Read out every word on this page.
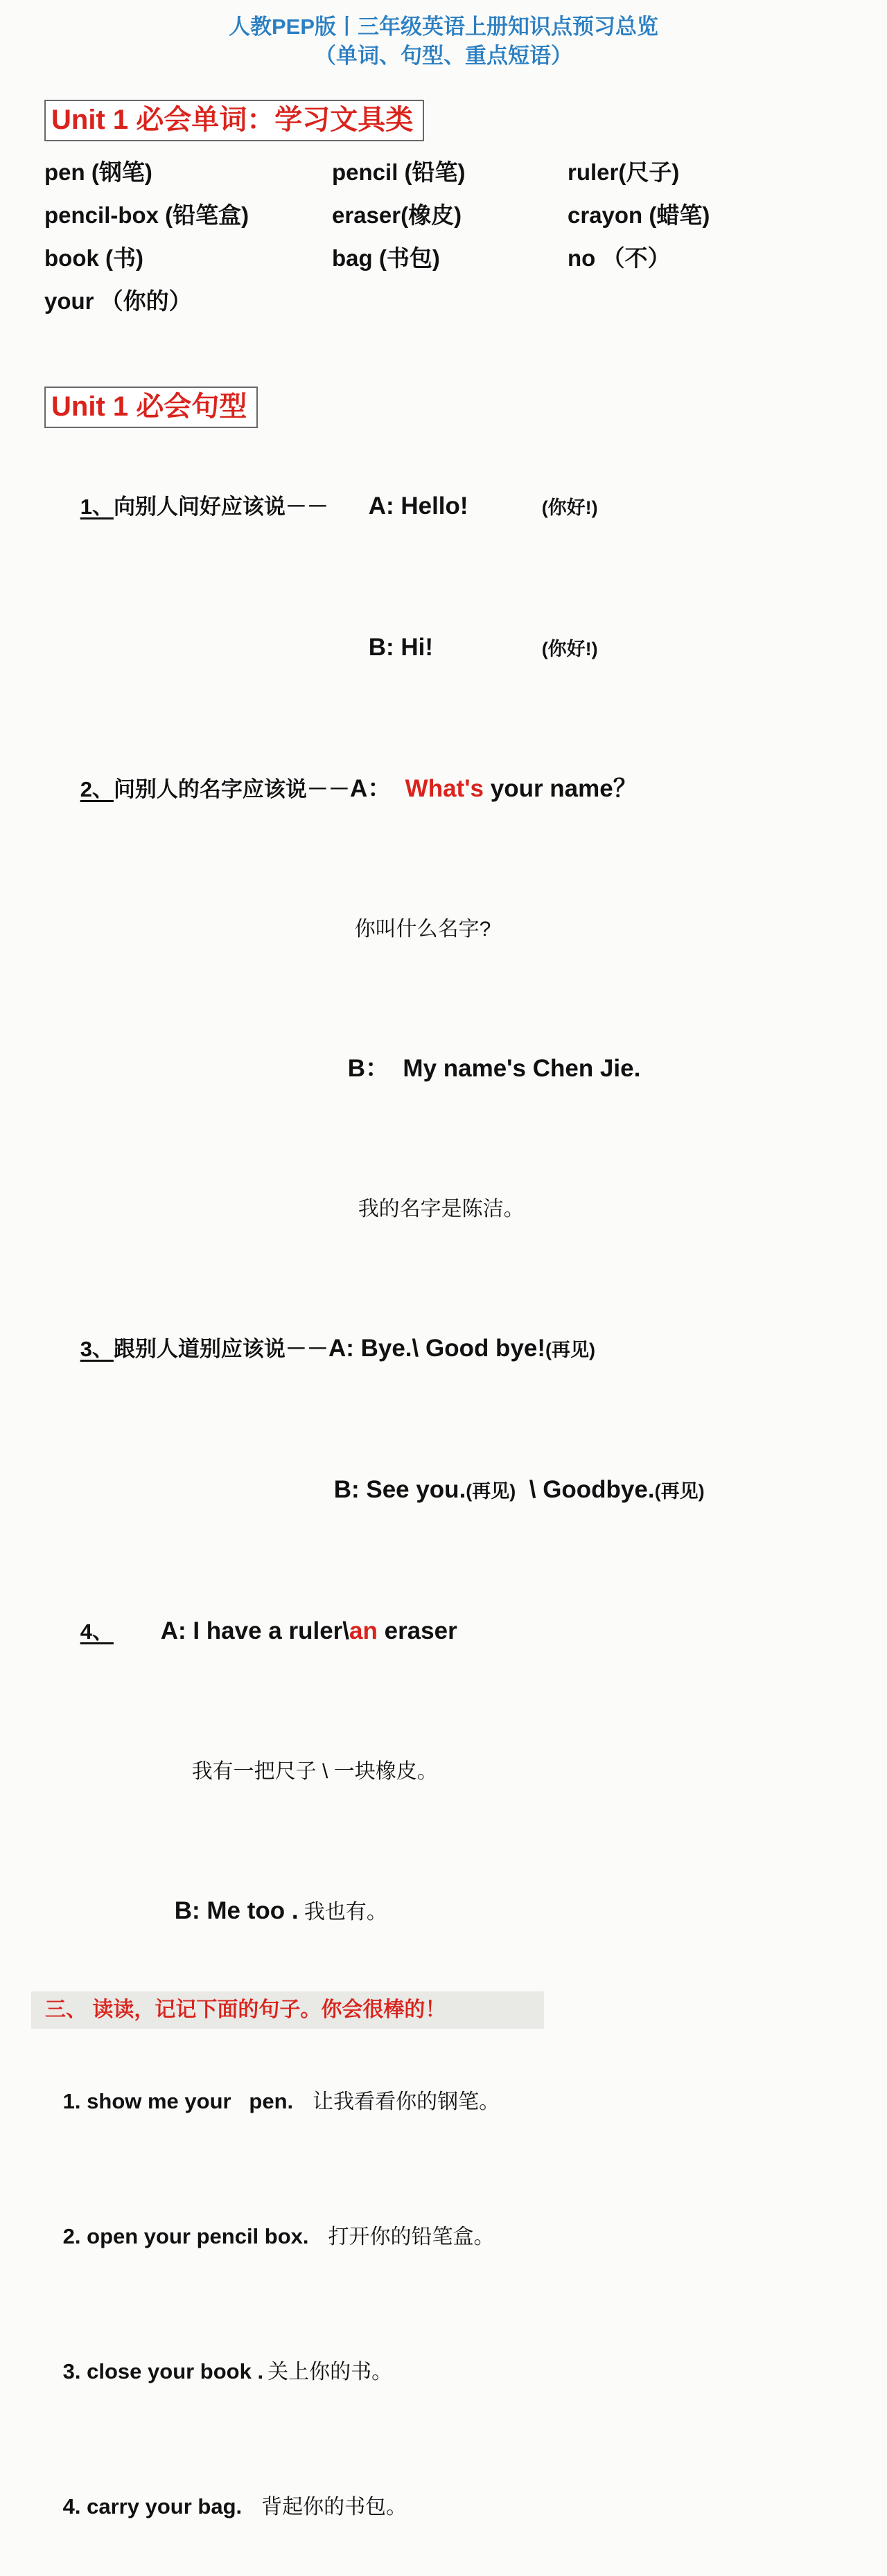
人教PEP版丨三年级英语上册知识点预习总览
（单词、句型、重点短语）
Unit 1 必会单词：学习文具类
pen (钢笔)	pencil (铅笔)	ruler(尺子)
pencil-box (铅笔盒)	eraser(橡皮)	crayon (蜡笔)
book (书)	bag (书包)	no （不）
your （你的）
Unit 1 必会句型

1、向别人问好应该说－－ A: Hello!	(你好!)

B: Hi!	(你好!)

2、问别人的名字应该说－－A：  What's your name？

你叫什么名字?

B：  My name's Chen Jie.

我的名字是陈洁。

3、跟别人道别应该说－－A: Bye.\ Good bye!(再见)

B: See you.(再见)  \ Goodbye.(再见)

4、 A: I have a ruler\an eraser

我有一把尺子 \ 一块橡皮。

B: Me too . 我也有。

三、 读读，记记下面的句子。你会很棒的！

1. show me your   pen. 让我看看你的钢笔。

2. open your pencil box. 打开你的铅笔盒。

3. close your book . 关上你的书。

4. carry your bag. 背起你的书包。
